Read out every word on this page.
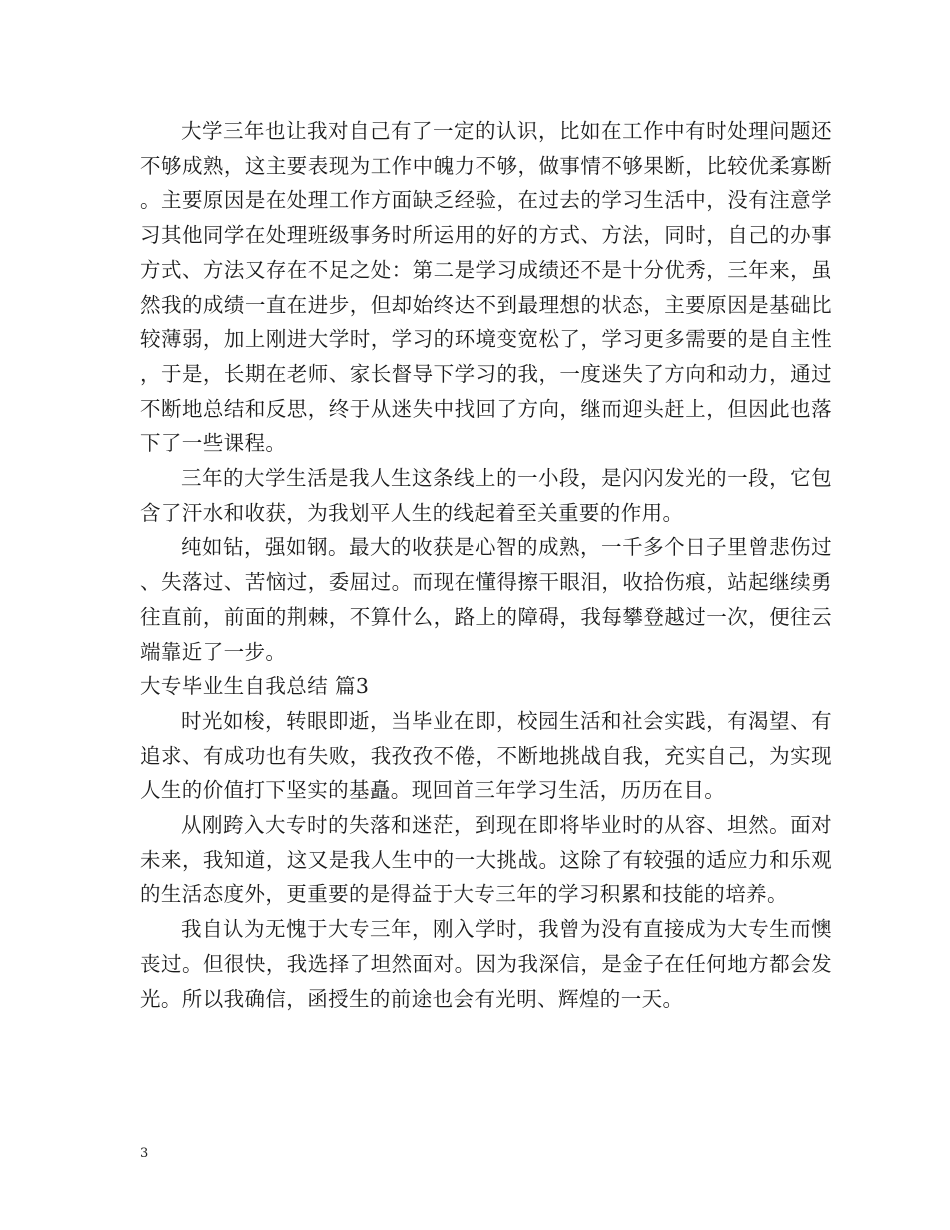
大学三年也让我对自己有了一定的认识，比如在工作中有时处理问题还不够成熟，这主要表现为工作中魄力不够，做事情不够果断，比较优柔寡断。主要原因是在处理工作方面缺乏经验，在过去的学习生活中，没有注意学习其他同学在处理班级事务时所运用的好的方式、方法，同时，自己的办事方式、方法又存在不足之处：第二是学习成绩还不是十分优秀，三年来，虽然我的成绩一直在进步，但却始终达不到最理想的状态，主要原因是基础比较薄弱，加上刚进大学时，学习的环境变宽松了，学习更多需要的是自主性，于是，长期在老师、家长督导下学习的我，一度迷失了方向和动力，通过不断地总结和反思，终于从迷失中找回了方向，继而迎头赶上，但因此也落下了一些课程。

三年的大学生活是我人生这条线上的一小段，是闪闪发光的一段，它包含了汗水和收获，为我划平人生的线起着至关重要的作用。

纯如钻，强如钢。最大的收获是心智的成熟，一千多个日子里曾悲伤过、失落过、苦恼过，委屈过。而现在懂得擦干眼泪，收拾伤痕，站起继续勇往直前，前面的荆棘，不算什么，路上的障碍，我每攀登越过一次，便往云端靠近了一步。

大专毕业生自我总结 篇3

时光如梭，转眼即逝，当毕业在即，校园生活和社会实践，有渴望、有追求、有成功也有失败，我孜孜不倦，不断地挑战自我，充实自己，为实现人生的价值打下坚实的基矗。现回首三年学习生活，历历在目。

从刚跨入大专时的失落和迷茫，到现在即将毕业时的从容、坦然。面对未来，我知道，这又是我人生中的一大挑战。这除了有较强的适应力和乐观的生活态度外，更重要的是得益于大专三年的学习积累和技能的培养。

我自认为无愧于大专三年，刚入学时，我曾为没有直接成为大专生而懊丧过。但很快，我选择了坦然面对。因为我深信，是金子在任何地方都会发光。所以我确信，函授生的前途也会有光明、辉煌的一天。

3
